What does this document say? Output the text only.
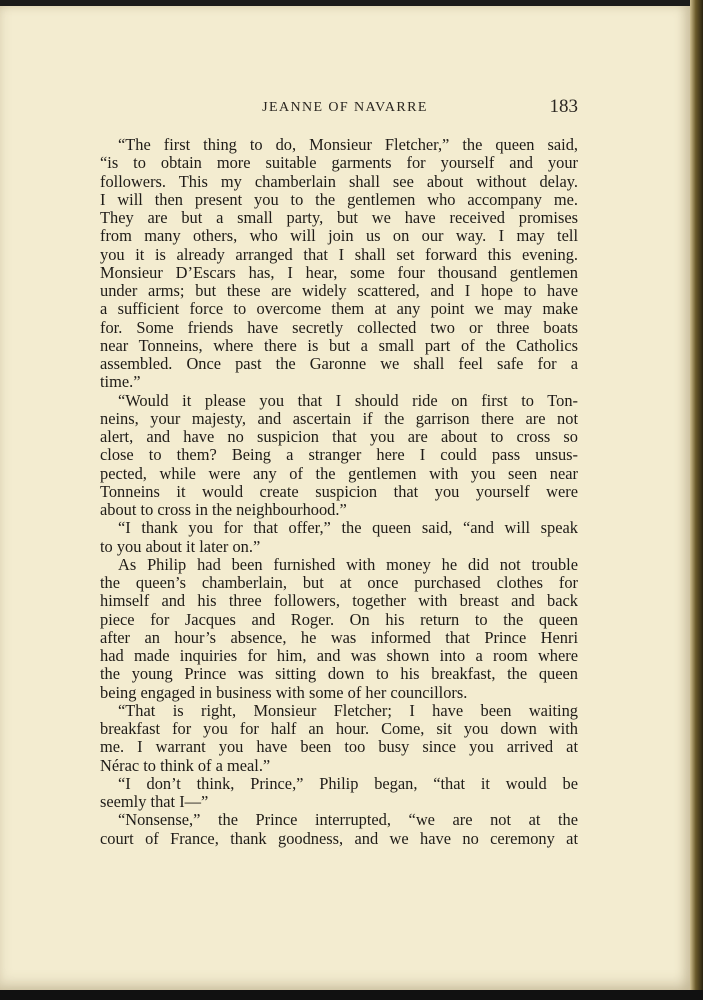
JEANNE OF NAVARRE	183
“The first thing to do, Monsieur Fletcher,” the queen said,
“is to obtain more suitable garments for yourself and your
followers. This my chamberlain shall see about without delay.
I will then present you to the gentlemen who accompany me.
They are but a small party, but we have received promises
from many others, who will join us on our way. I may tell
you it is already arranged that I shall set forward this evening.
Monsieur D’Escars has, I hear, some four thousand gentlemen
under arms; but these are widely scattered, and I hope to have
a sufficient force to overcome them at any point we may make
for. Some friends have secretly collected two or three boats
near Tonneins, where there is but a small part of the Catholics
assembled. Once past the Garonne we shall feel safe for a
time.”
“Would it please you that I should ride on first to Ton-
neins, your majesty, and ascertain if the garrison there are not
alert, and have no suspicion that you are about to cross so
close to them? Being a stranger here I could pass unsus-
pected, while were any of the gentlemen with you seen near
Tonneins it would create suspicion that you yourself were
about to cross in the neighbourhood.”
“I thank you for that offer,” the queen said, “and will speak
to you about it later on.”
As Philip had been furnished with money he did not trouble
the queen’s chamberlain, but at once purchased clothes for
himself and his three followers, together with breast and back
piece for Jacques and Roger. On his return to the queen
after an hour’s absence, he was informed that Prince Henri
had made inquiries for him, and was shown into a room where
the young Prince was sitting down to his breakfast, the queen
being engaged in business with some of her councillors.
“That is right, Monsieur Fletcher; I have been waiting
breakfast for you for half an hour. Come, sit you down with
me. I warrant you have been too busy since you arrived at
Nérac to think of a meal.”
“I don’t think, Prince,” Philip began, “that it would be
seemly that I—”
“Nonsense,” the Prince interrupted, “we are not at the
court of France, thank goodness, and we have no ceremony at
